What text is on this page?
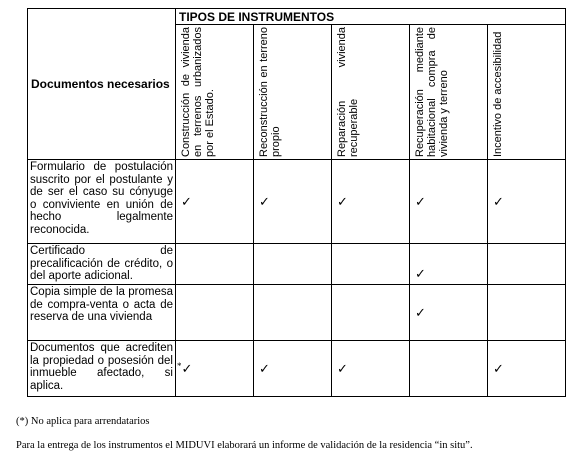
Documentos necesarios	TIPOS DE INSTRUMENTOS				

	Construcción de vivienda en terrenos urbanizados por el Estado.	Reconstrucción en terreno propio	Reparación vivienda recuperable	Recuperación mediante habitacional compra de vivienda y terreno	Incentivo de accesibilidad

Formulario de postulación suscrito por el postulante y de ser el caso su cónyuge o conviviente en unión de hecho legalmente reconocida.	✓	✓	✓	✓	✓
Certificado de precalificación de crédito, o del aporte adicional.				✓	
Copia simple de la promesa de compra-venta o acta de reserva de una vivienda				✓	
Documentos que acrediten la propiedad o posesión del inmueble afectado, si aplica.	*✓	✓	✓		✓
(*) No aplica para arrendatarios
Para la entrega de los instrumentos el MIDUVI elaborará un informe de validación de la residencia “in situ”.
